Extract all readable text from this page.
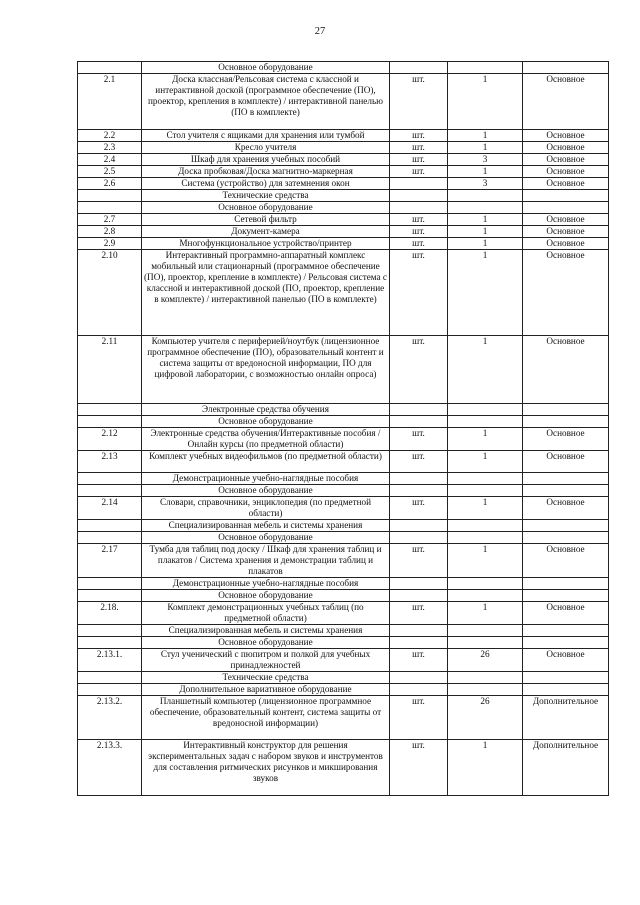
27
	Основное оборудование			
2.1	Доска классная/Рельсовая система с классной и интерактивной доской (программное обеспечение (ПО), проектор, крепления в комплекте) / интерактивной панелью (ПО в комплекте)	шт.	1	Основное
2.2	Стол учителя с ящиками для хранения или тумбой	шт.	1	Основное
2.3	Кресло учителя	шт.	1	Основное
2.4	Шкаф для хранения учебных пособий	шт.	3	Основное
2.5	Доска пробковая/Доска магнитно-маркерная	шт.	1	Основное
2.6	Система (устройство) для затемнения окон		3	Основное
	Технические средства			
	Основное оборудование			
2.7	Сетевой фильтр	шт.	1	Основное
2.8	Документ-камера	шт.	1	Основное
2.9	Многофункциональное устройство/принтер	шт.	1	Основное
2.10	Интерактивный программно-аппаратный комплекс мобильный или стационарный (программное обеспечение (ПО), проектор, крепление в комплекте) / Рельсовая система с классной и интерактивной доской (ПО, проектор, крепление в комплекте) / интерактивной панелью (ПО в комплекте)	шт.	1	Основное
2.11	Компьютер учителя с периферией/ноутбук (лицензионное программное обеспечение (ПО), образовательный контент и система защиты от вредоносной информации, ПО для цифровой лаборатории, с возможностью онлайн опроса)	шт.	1	Основное
	Электронные средства обучения			
	Основное оборудование			
2.12	Электронные средства обучения/Интерактивные пособия / Онлайн курсы (по предметной области)	шт.	1	Основное
2.13	Комплект учебных видеофильмов (по предметной области)	шт.	1	Основное
	Демонстрационные учебно-наглядные пособия			
	Основное оборудование			
2.14	Словари, справочники, энциклопедия (по предметной области)	шт.	1	Основное
	Специализированная мебель и системы хранения			
	Основное оборудование			
2.17	Тумба для таблиц под доску / Шкаф для хранения таблиц и плакатов / Система хранения и демонстрации таблиц и плакатов	шт.	1	Основное
	Демонстрационные учебно-наглядные пособия			
	Основное оборудование			
2.18.	Комплект демонстрационных учебных таблиц (по предметной области)	шт.	1	Основное
	Специализированная мебель и системы хранения			
	Основное оборудование			
2.13.1.	Стул ученический с пюпитром и полкой для учебных принадлежностей	шт.	26	Основное
	Технические средства			
	Дополнительное вариативное оборудование			
2.13.2.	Планшетный компьютер (лицензионное программное обеспечение, образовательный контент, система защиты от вредоносной информации)	шт.	26	Дополнительное
2.13.3.	Интерактивный конструктор для решения экспериментальных задач с набором звуков и инструментов для составления ритмических рисунков и микширования звуков	шт.	1	Дополнительное
